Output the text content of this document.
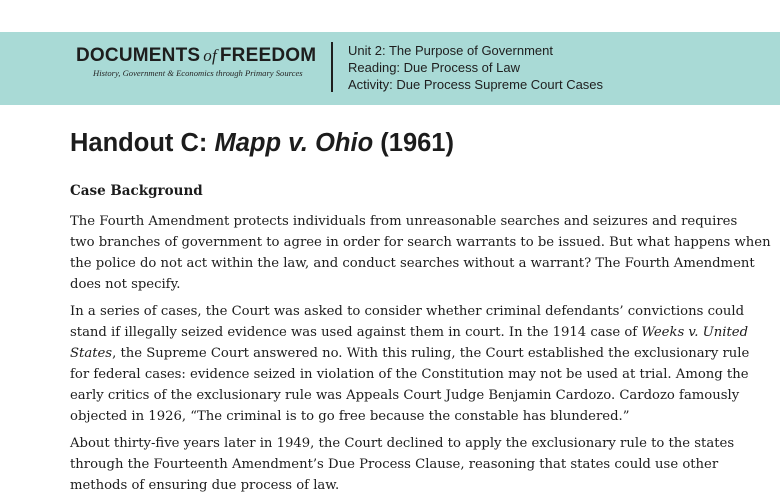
DOCUMENTS of FREEDOM
History, Government & Economics through Primary Sources
Unit 2: The Purpose of Government
Reading: Due Process of Law
Activity: Due Process Supreme Court Cases
Handout C: Mapp v. Ohio (1961)
Case Background
The Fourth Amendment protects individuals from unreasonable searches and seizures and requires
two branches of government to agree in order for search warrants to be issued. But what happens when
the police do not act within the law, and conduct searches without a warrant? The Fourth Amendment
does not specify.
In a series of cases, the Court was asked to consider whether criminal defendants’ convictions could
stand if illegally seized evidence was used against them in court. In the 1914 case of Weeks v. United
States, the Supreme Court answered no. With this ruling, the Court established the exclusionary rule
for federal cases: evidence seized in violation of the Constitution may not be used at trial. Among the
early critics of the exclusionary rule was Appeals Court Judge Benjamin Cardozo. Cardozo famously
objected in 1926, “The criminal is to go free because the constable has blundered.”
About thirty-five years later in 1949, the Court declined to apply the exclusionary rule to the states
through the Fourteenth Amendment’s Due Process Clause, reasoning that states could use other
methods of ensuring due process of law.
